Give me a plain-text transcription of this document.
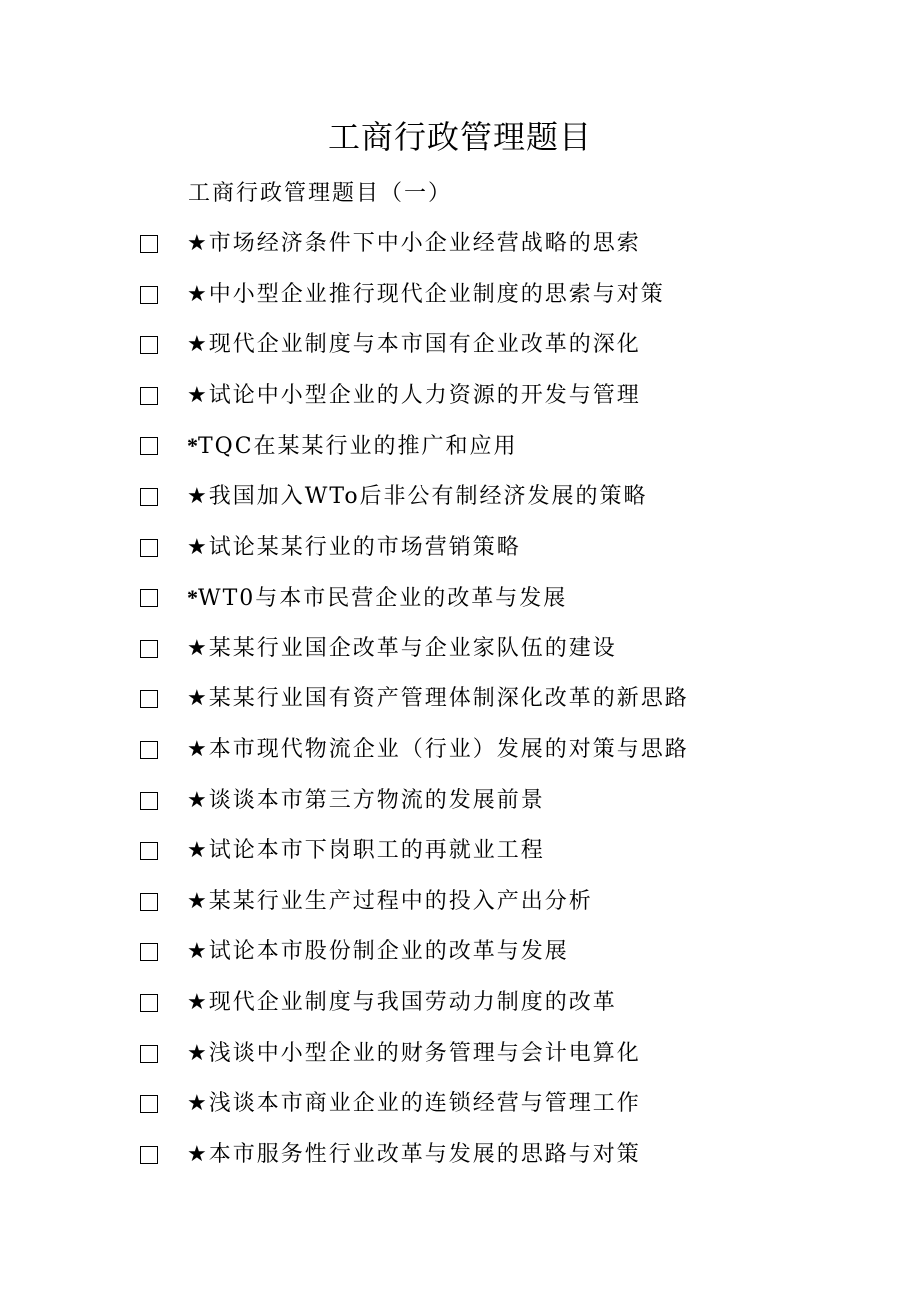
工商行政管理题目
工商行政管理题目（一）
★市场经济条件下中小企业经营战略的思索
★中小型企业推行现代企业制度的思索与对策
★现代企业制度与本市国有企业改革的深化
★试论中小型企业的人力资源的开发与管理
*TQC在某某行业的推广和应用
★我国加入WTo后非公有制经济发展的策略
★试论某某行业的市场营销策略
*WT0与本市民营企业的改革与发展
★某某行业国企改革与企业家队伍的建设
★某某行业国有资产管理体制深化改革的新思路
★本市现代物流企业（行业）发展的对策与思路
★谈谈本市第三方物流的发展前景
★试论本市下岗职工的再就业工程
★某某行业生产过程中的投入产出分析
★试论本市股份制企业的改革与发展
★现代企业制度与我国劳动力制度的改革
★浅谈中小型企业的财务管理与会计电算化
★浅谈本市商业企业的连锁经营与管理工作
★本市服务性行业改革与发展的思路与对策
